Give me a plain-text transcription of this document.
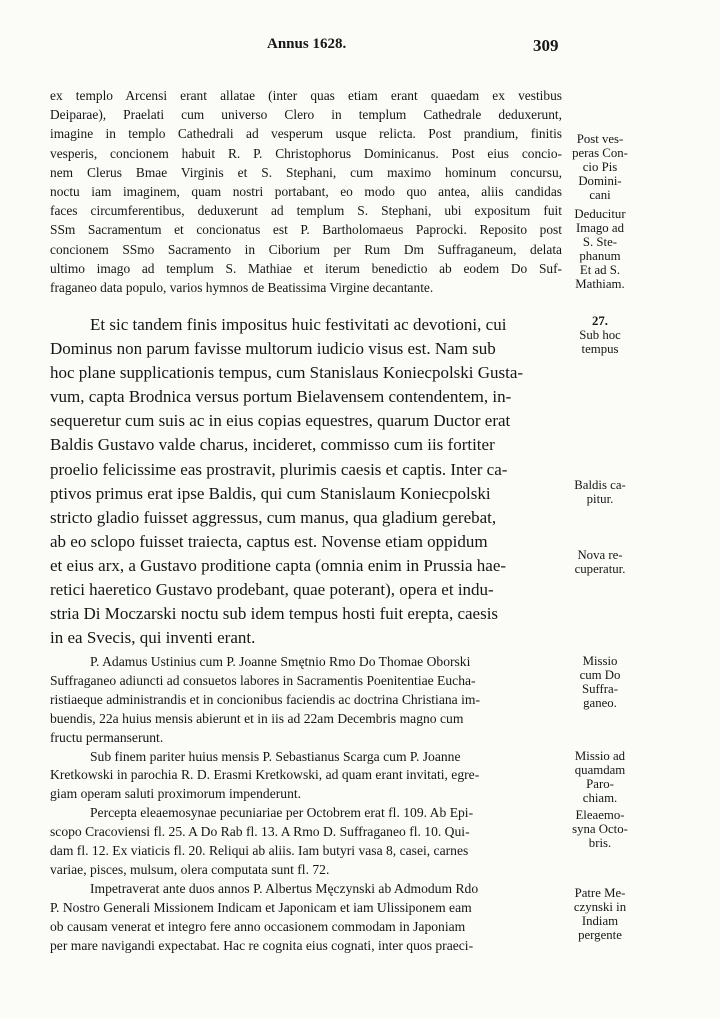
Annus 1628.	309
ex templo Arcensi erant allatae (inter quas etiam erant quaedam ex vestibus
Deiparae), Praelati cum universo Clero in templum Cathedrale deduxerunt,
imagine in templo Cathedrali ad vesperum usque relicta. Post prandium, finitis
vesperis, concionem habuit R. P. Christophorus Dominicanus. Post eius concio-
nem Clerus Bmae Virginis et S. Stephani, cum maximo hominum concursu,
noctu iam imaginem, quam nostri portabant, eo modo quo antea, aliis candidas
faces circumferentibus, deduxerunt ad templum S. Stephani, ubi expositum fuit
SSm Sacramentum et concionatus est P. Bartholomaeus Paprocki. Reposito post
concionem SSmo Sacramento in Ciborium per Rum Dm Suffraganeum, delata
ultimo imago ad templum S. Mathiae et iterum benedictio ab eodem Do Suf-
fraganeo data populo, varios hymnos de Beatissima Virgine decantante.
Et sic tandem finis impositus huic festivitati ac devotioni, cui
Dominus non parum favisse multorum iudicio visus est. Nam sub
hoc plane supplicationis tempus, cum Stanislaus Koniecpolski Gusta-
vum, capta Brodnica versus portum Bielavensem contendentem, in-
sequeretur cum suis ac in eius copias equestres, quarum Ductor erat
Baldis Gustavo valde charus, incideret, commisso cum iis fortiter
proelio felicissime eas prostravit, plurimis caesis et captis. Inter ca-
ptivos primus erat ipse Baldis, qui cum Stanislaum Koniecpolski
stricto gladio fuisset aggressus, cum manus, qua gladium gerebat,
ab eo sclopo fuisset traiecta, captus est. Novense etiam oppidum
et eius arx, a Gustavo proditione capta (omnia enim in Prussia hae-
retici haeretico Gustavo prodebant, quae poterant), opera et indu-
stria Di Moczarski noctu sub idem tempus hosti fuit erepta, caesis
in ea Svecis, qui inventi erant.
P. Adamus Ustinius cum P. Joanne Smętnio Rmo Do Thomae Oborski
Suffraganeo adiuncti ad consuetos labores in Sacramentis Poenitentiae Eucha-
ristiaeque administrandis et in concionibus faciendis ac doctrina Christiana im-
buendis, 22a huius mensis abierunt et in iis ad 22am Decembris magno cum
fructu permanserunt.
Sub finem pariter huius mensis P. Sebastianus Scarga cum P. Joanne
Kretkowski in parochia R. D. Erasmi Kretkowski, ad quam erant invitati, egre-
giam operam saluti proximorum impenderunt.
Percepta eleaemosynae pecuniariae per Octobrem erat fl. 109. Ab Epi-
scopo Cracoviensi fl. 25. A Do Rab fl. 13. A Rmo D. Suffraganeo fl. 10. Qui-
dam fl. 12. Ex viaticis fl. 20. Reliqui ab aliis. Iam butyri vasa 8, casei, carnes
variae, pisces, mulsum, olera computata sunt fl. 72.
Impetraverat ante duos annos P. Albertus Męczynski ab Admodum Rdo
P. Nostro Generali Missionem Indicam et Japonicam et iam Ulissiponem eam
ob causam venerat et integro fere anno occasionem commodam in Japoniam
per mare navigandi expectabat. Hac re cognita eius cognati, inter quos praeci-
Post ves-
peras Con-
cio Pis
Domini-
cani
Deducitur
Imago ad
S. Ste-
phanum
Et ad S.
Mathiam.
27.
Sub hoc
tempus
Baldis ca-
pitur.
Nova re-
cuperatur.
Missio
cum Do
Suffra-
ganeo.
Missio ad
quamdam
Paro-
chiam.
Eleaemo-
syna Octo-
bris.
Patre Me-
czynski in
Indiam
pergente
